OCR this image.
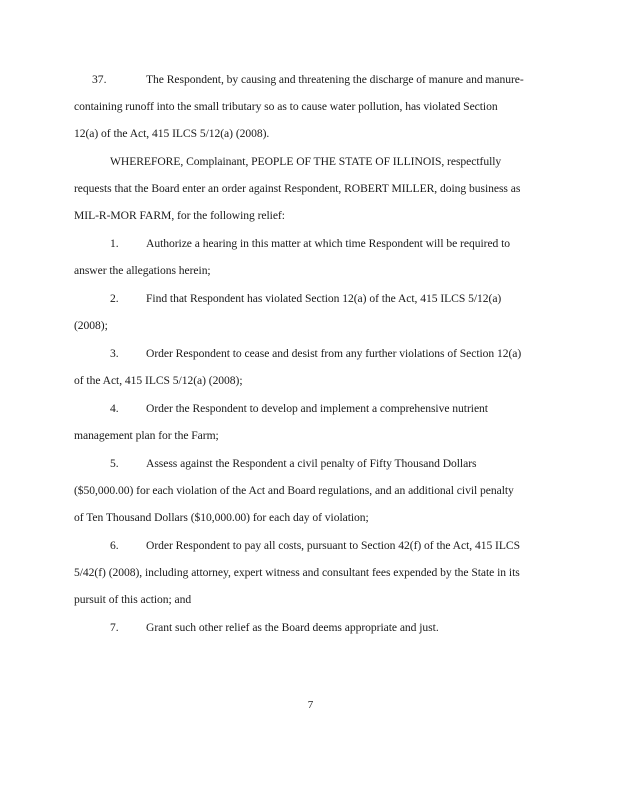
37.	The Respondent, by causing and threatening the discharge of manure and manure-
containing runoff into the small tributary so as to cause water pollution, has violated Section
12(a) of the Act, 415 ILCS 5/12(a) (2008).
WHEREFORE, Complainant, PEOPLE OF THE STATE OF ILLINOIS, respectfully
requests that the Board enter an order against Respondent, ROBERT MILLER, doing business as
MIL-R-MOR FARM, for the following relief:
1. Authorize a hearing in this matter at which time Respondent will be required to
answer the allegations herein;
2. Find that Respondent has violated Section 12(a) of the Act, 415 ILCS 5/12(a)
(2008);
3. Order Respondent to cease and desist from any further violations of Section 12(a)
of the Act, 415 ILCS 5/12(a) (2008);
4. Order the Respondent to develop and implement a comprehensive nutrient
management plan for the Farm;
5. Assess against the Respondent a civil penalty of Fifty Thousand Dollars
($50,000.00) for each violation of the Act and Board regulations, and an additional civil penalty
of Ten Thousand Dollars ($10,000.00) for each day of violation;
6. Order Respondent to pay all costs, pursuant to Section 42(f) of the Act, 415 ILCS
5/42(f) (2008), including attorney, expert witness and consultant fees expended by the State in its
pursuit of this action; and
7. Grant such other relief as the Board deems appropriate and just.
7
